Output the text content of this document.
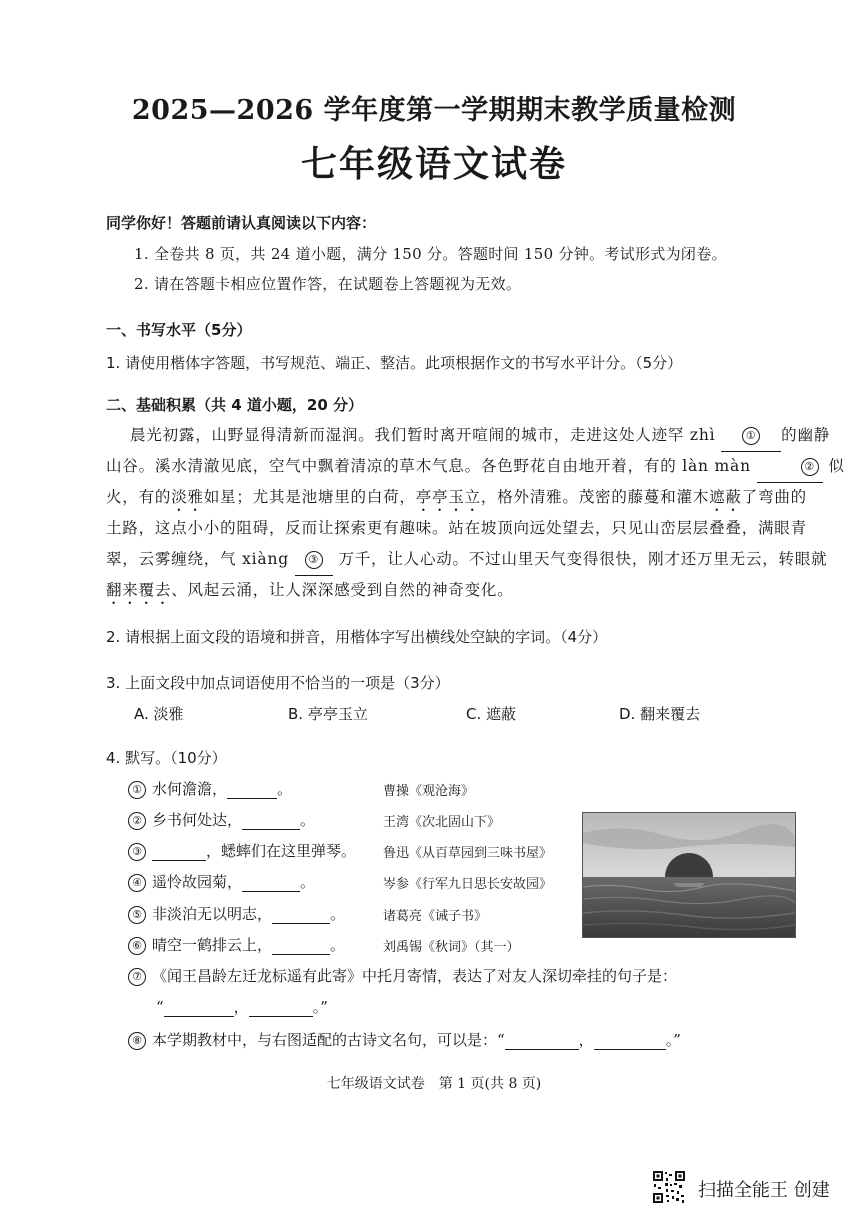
2025—2026 学年度第一学期期末教学质量检测
七年级语文试卷
同学你好！答题前请认真阅读以下内容：
1. 全卷共 8 页，共 24 道小题，满分 150 分。答题时间 150 分钟。考试形式为闭卷。
2. 请在答题卡相应位置作答，在试题卷上答题视为无效。
一、书写水平（5分）
1. 请使用楷体字答题，书写规范、端正、整洁。此项根据作文的书写水平计分。（5分）
二、基础积累（共 4 道小题，20 分）
晨光初露，山野显得清新而湿润。我们暂时离开喧闹的城市，走进这处人迹罕 zhì	① 的幽静
山谷。溪水清澈见底，空气中飘着清凉的草木气息。各色野花自由地开着，有的 làn màn	② 似
火，有的淡雅如星；尤其是池塘里的白荷，亭亭玉立，格外清雅。茂密的藤蔓和灌木遮蔽了弯曲的
土路，这点小小的阻碍，反而让探索更有趣味。站在坡顶向远处望去，只见山峦层层叠叠，满眼青
翠，云雾缠绕，气 xiàng ③ 万千，让人心动。不过山里天气变得很快，刚才还万里无云，转眼就
翻来覆去、风起云涌，让人深深感受到自然的神奇变化。
2. 请根据上面文段的语境和拼音，用楷体字写出横线处空缺的字词。（4分）
3. 上面文段中加点词语使用不恰当的一项是（3分）
A. 淡雅	B. 亭亭玉立	C. 遮蔽	D. 翻来覆去
4. 默写。（10分）
① 水何澹澹，	。	曹操《观沧海》
② 乡书何处达，	。	王湾《次北固山下》
③	，蟋蟀们在这里弹琴。 鲁迅《从百草园到三味书屋》
④ 遥怜故园菊，	。	岑参《行军九日思长安故园》
⑤ 非淡泊无以明志，	。	诸葛亮《诫子书》
⑥ 晴空一鹤排云上，	。	刘禹锡《秋词》（其一）
⑦ 《闻王昌龄左迁龙标遥有此寄》中托月寄情，表达了对友人深切牵挂的句子是：
“	，	。”
⑧ 本学期教材中，与右图适配的古诗文名句，可以是：“	，	。”
七年级语文试卷　第 1 页(共 8 页)
扫描全能王 创建
